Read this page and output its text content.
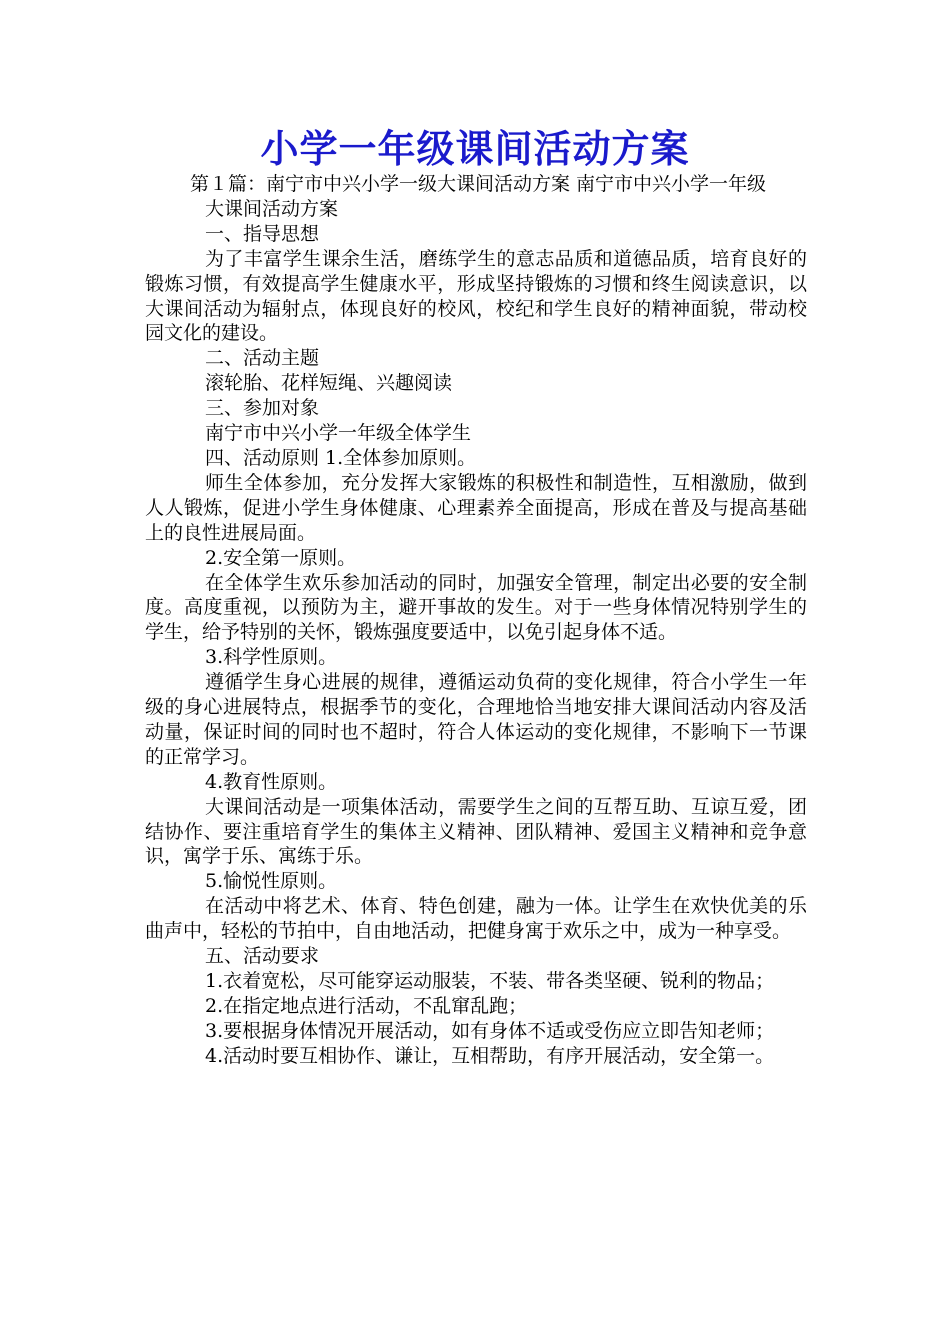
小学一年级课间活动方案

第１篇：南宁市中兴小学一级大课间活动方案 南宁市中兴小学一年级

大课间活动方案

一、指导思想

为了丰富学生课余生活，磨练学生的意志品质和道德品质，培育良好的锻炼习惯，有效提高学生健康水平，形成坚持锻炼的习惯和终生阅读意识，以大课间活动为辐射点，体现良好的校风，校纪和学生良好的精神面貌，带动校园文化的建设。

二、活动主题

滚轮胎、花样短绳、兴趣阅读

三、参加对象

南宁市中兴小学一年级全体学生

四、活动原则 1.全体参加原则。

师生全体参加，充分发挥大家锻炼的积极性和制造性，互相激励，做到人人锻炼，促进小学生身体健康、心理素养全面提高，形成在普及与提高基础上的良性进展局面。

2.安全第一原则。

在全体学生欢乐参加活动的同时，加强安全管理，制定出必要的安全制度。高度重视，以预防为主，避开事故的发生。对于一些身体情况特别学生的学生，给予特别的关怀，锻炼强度要适中，以免引起身体不适。

3.科学性原则。

遵循学生身心进展的规律，遵循运动负荷的变化规律，符合小学生一年级的身心进展特点，根据季节的变化，合理地恰当地安排大课间活动内容及活动量，保证时间的同时也不超时，符合人体运动的变化规律，不影响下一节课的正常学习。

4.教育性原则。

大课间活动是一项集体活动，需要学生之间的互帮互助、互谅互爱，团结协作、要注重培育学生的集体主义精神、团队精神、爱国主义精神和竞争意识，寓学于乐、寓练于乐。

5.愉悦性原则。

在活动中将艺术、体育、特色创建，融为一体。让学生在欢快优美的乐曲声中，轻松的节拍中，自由地活动，把健身寓于欢乐之中，成为一种享受。

五、活动要求

1.衣着宽松，尽可能穿运动服装，不装、带各类坚硬、锐利的物品；

2.在指定地点进行活动，不乱窜乱跑；

3.要根据身体情况开展活动，如有身体不适或受伤应立即告知老师；

4.活动时要互相协作、谦让，互相帮助，有序开展活动，安全第一。
